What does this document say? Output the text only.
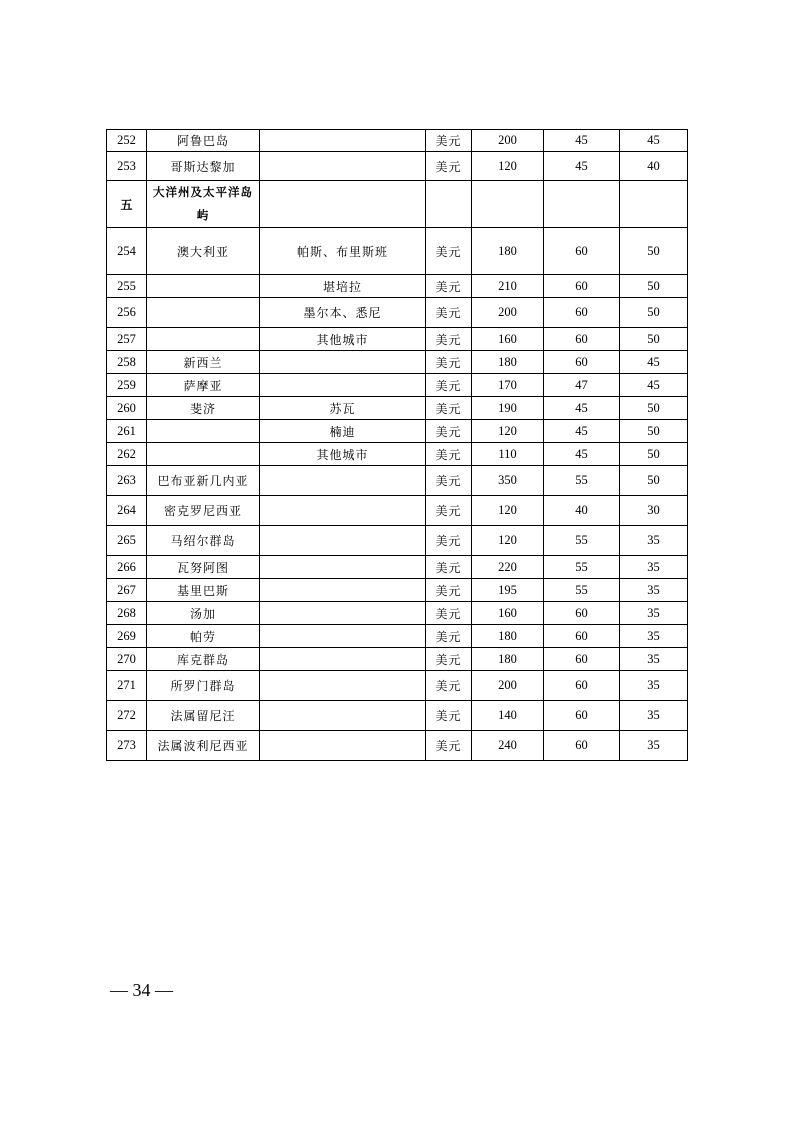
252	阿鲁巴岛		美元	200	45	45
253	哥斯达黎加		美元	120	45	40
五	大洋州及太平洋岛屿					
254	澳大利亚	帕斯、布里斯班	美元	180	60	50
255		堪培拉	美元	210	60	50
256		墨尔本、悉尼	美元	200	60	50
257		其他城市	美元	160	60	50
258	新西兰		美元	180	60	45
259	萨摩亚		美元	170	47	45
260	斐济	苏瓦	美元	190	45	50
261		楠迪	美元	120	45	50
262		其他城市	美元	110	45	50
263	巴布亚新几内亚		美元	350	55	50
264	密克罗尼西亚		美元	120	40	30
265	马绍尔群岛		美元	120	55	35
266	瓦努阿图		美元	220	55	35
267	基里巴斯		美元	195	55	35
268	汤加		美元	160	60	35
269	帕劳		美元	180	60	35
270	库克群岛		美元	180	60	35
271	所罗门群岛		美元	200	60	35
272	法属留尼汪		美元	140	60	35
273	法属波利尼西亚		美元	240	60	35
— 34 —
